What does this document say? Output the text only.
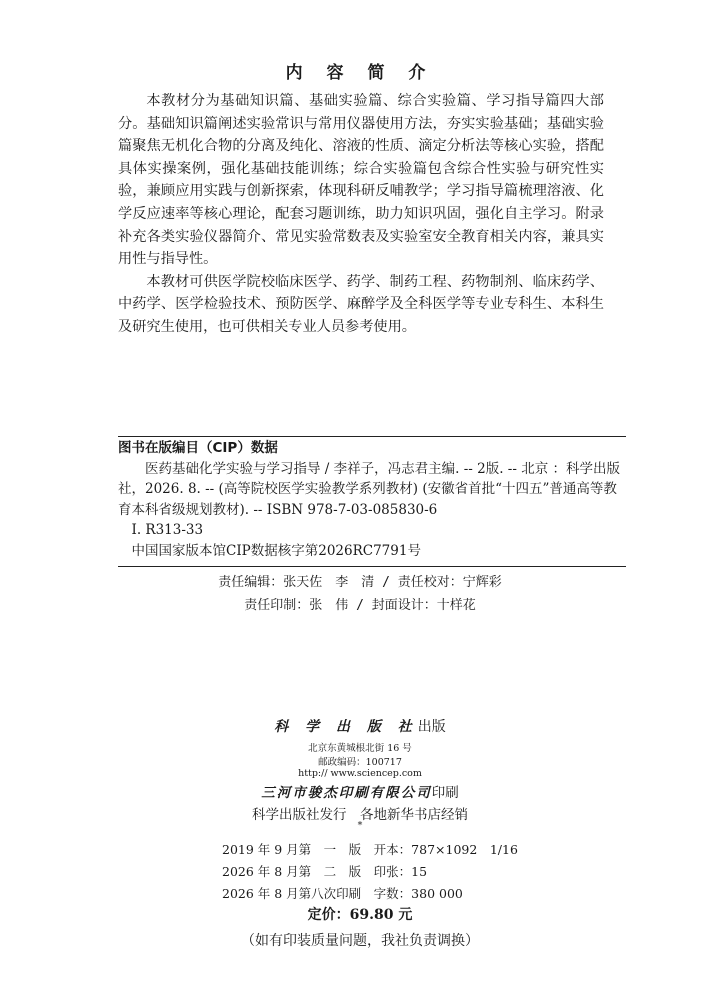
内 容 简 介

本教材分为基础知识篇、基础实验篇、综合实验篇、学习指导篇四大部分。基础知识篇阐述实验常识与常用仪器使用方法，夯实实验基础；基础实验篇聚焦无机化合物的分离及纯化、溶液的性质、滴定分析法等核心实验，搭配具体实操案例，强化基础技能训练；综合实验篇包含综合性实验与研究性实验，兼顾应用实践与创新探索，体现科研反哺教学；学习指导篇梳理溶液、化学反应速率等核心理论，配套习题训练，助力知识巩固，强化自主学习。附录补充各类实验仪器简介、常见实验常数表及实验室安全教育相关内容，兼具实用性与指导性。

本教材可供医学院校临床医学、药学、制药工程、药物制剂、临床药学、中药学、医学检验技术、预防医学、麻醉学及全科医学等专业专科生、本科生及研究生使用，也可供相关专业人员参考使用。

图书在版编目（CIP）数据
医药基础化学实验与学习指导 / 李祥子，冯志君主编. -- 2版. -- 北京 ：科学出版社，2026. 8. -- (高等院校医学实验教学系列教材) (安徽省首批“十四五”普通高等教育本科省级规划教材). -- ISBN 978-7-03-085830-6
Ⅰ. R313-33
中国国家版本馆CIP数据核字第2026RC7791号
责任编辑：张天佐　李　清 / 责任校对：宁辉彩
责任印制：张　伟 / 封面设计：十样花
科 学 出 版 社出版
北京东黄城根北街 16 号
邮政编码：100717
http:// www.sciencep.com
三河市骏杰印刷有限公司印刷
科学出版社发行　各地新华书店经销
*
2019 年 9 月第　一　版　开本：787×1092　1/16
2026 年 8 月第　二　版　印张：15
2026 年 8 月第八次印刷　字数：380 000
定价：69.80 元
（如有印装质量问题，我社负责调换）
